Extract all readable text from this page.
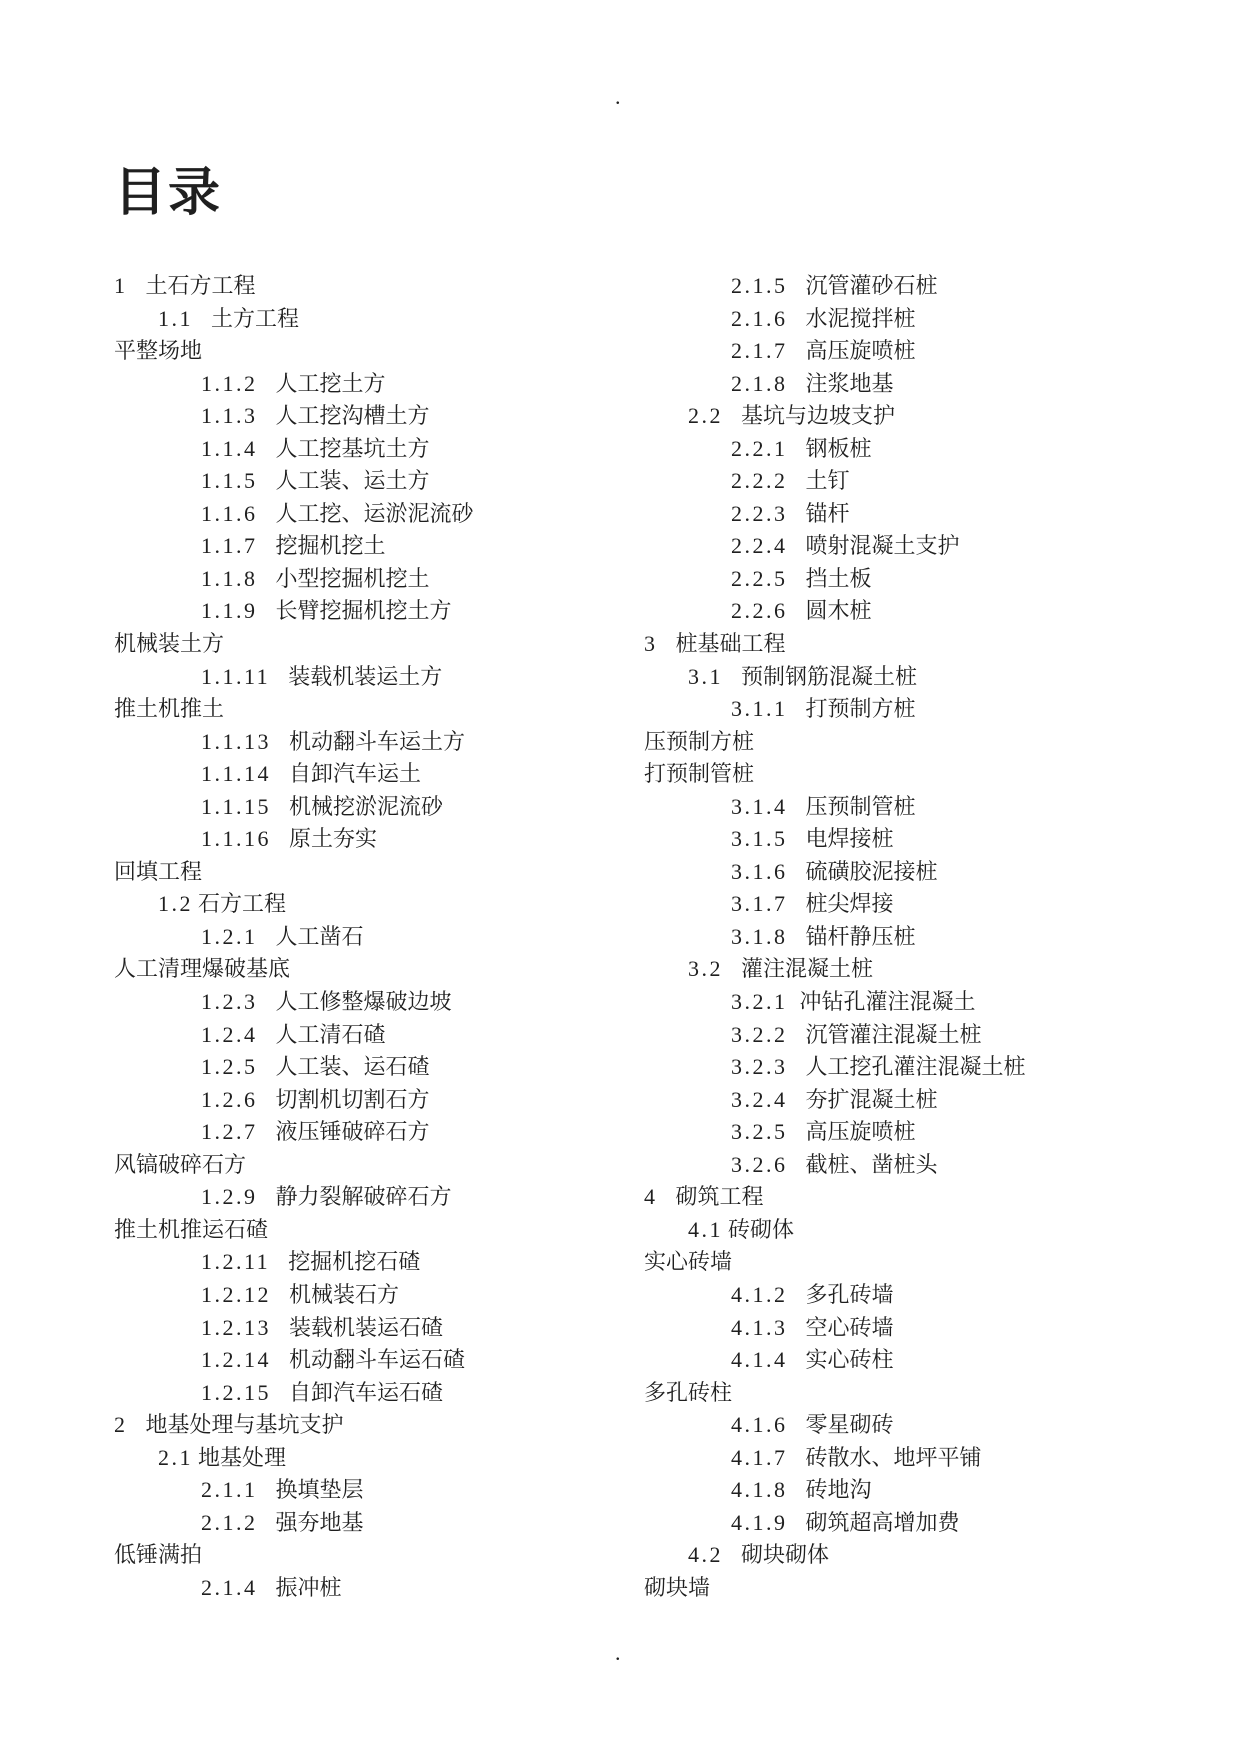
.
目录
1 土石方工程
1.1 土方工程
平整场地
1.1.2 人工挖土方
1.1.3 人工挖沟槽土方
1.1.4 人工挖基坑土方
1.1.5 人工装、运土方
1.1.6 人工挖、运淤泥流砂
1.1.7 挖掘机挖土
1.1.8 小型挖掘机挖土
1.1.9 长臂挖掘机挖土方
机械装土方
1.1.11 装载机装运土方
推土机推土
1.1.13 机动翻斗车运土方
1.1.14 自卸汽车运土
1.1.15 机械挖淤泥流砂
1.1.16 原土夯实
回填工程
1.2 石方工程
1.2.1 人工凿石
人工清理爆破基底
1.2.3 人工修整爆破边坡
1.2.4 人工清石碴
1.2.5 人工装、运石碴
1.2.6 切割机切割石方
1.2.7 液压锤破碎石方
风镐破碎石方
1.2.9 静力裂解破碎石方
推土机推运石碴
1.2.11 挖掘机挖石碴
1.2.12 机械装石方
1.2.13 装载机装运石碴
1.2.14 机动翻斗车运石碴
1.2.15 自卸汽车运石碴
2 地基处理与基坑支护
2.1 地基处理
2.1.1 换填垫层
2.1.2 强夯地基
低锤满拍
2.1.4 振冲桩
2.1.5 沉管灌砂石桩
2.1.6 水泥搅拌桩
2.1.7 高压旋喷桩
2.1.8 注浆地基
2.2 基坑与边坡支护
2.2.1 钢板桩
2.2.2 土钉
2.2.3 锚杆
2.2.4 喷射混凝土支护
2.2.5 挡土板
2.2.6 圆木桩
3 桩基础工程
3.1 预制钢筋混凝土桩
3.1.1 打预制方桩
压预制方桩
打预制管桩
3.1.4 压预制管桩
3.1.5 电焊接桩
3.1.6 硫磺胶泥接桩
3.1.7 桩尖焊接
3.1.8 锚杆静压桩
3.2 灌注混凝土桩
3.2.1 冲钻孔灌注混凝土
3.2.2 沉管灌注混凝土桩
3.2.3 人工挖孔灌注混凝土桩
3.2.4 夯扩混凝土桩
3.2.5 高压旋喷桩
3.2.6 截桩、凿桩头
4 砌筑工程
4.1 砖砌体
实心砖墙
4.1.2 多孔砖墙
4.1.3 空心砖墙
4.1.4 实心砖柱
多孔砖柱
4.1.6 零星砌砖
4.1.7 砖散水、地坪平铺
4.1.8 砖地沟
4.1.9 砌筑超高增加费
4.2 砌块砌体
砌块墙
.
